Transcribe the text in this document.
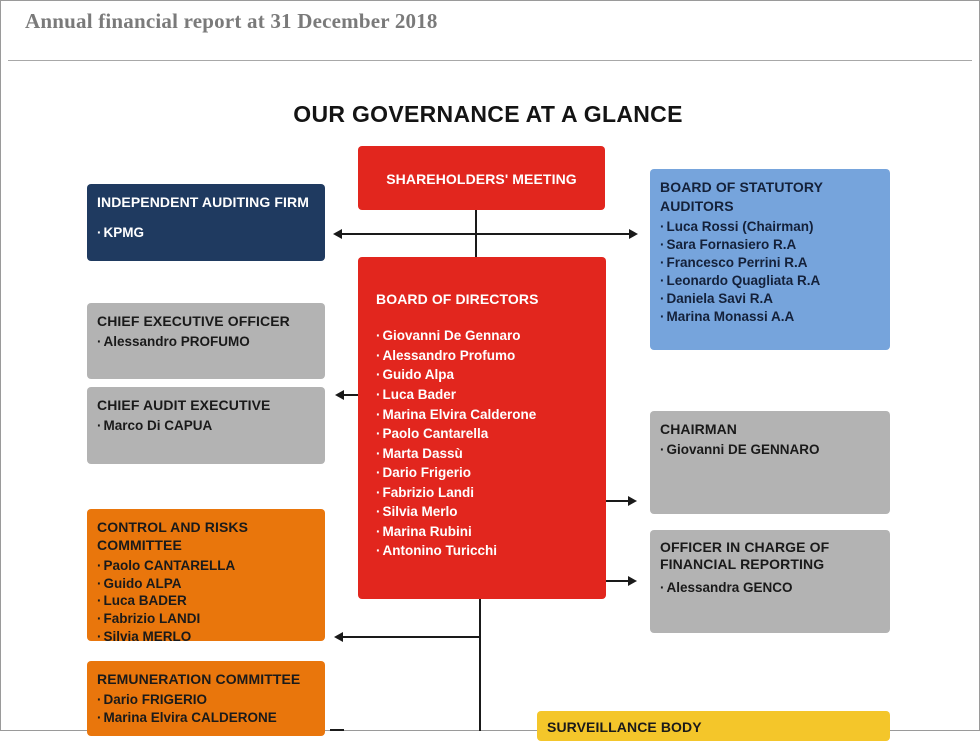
Annual financial report at 31 December 2018
OUR GOVERNANCE AT A GLANCE
SHAREHOLDERS' MEETING
INDEPENDENT AUDITING FIRM
· KPMG
BOARD OF STATUTORY AUDITORS
· Luca Rossi (Chairman)
· Sara Fornasiero R.A
· Francesco Perrini R.A
· Leonardo Quagliata R.A
· Daniela Savi R.A
· Marina Monassi A.A
BOARD OF DIRECTORS
· Giovanni De Gennaro
· Alessandro Profumo
· Guido Alpa
· Luca Bader
· Marina Elvira Calderone
· Paolo Cantarella
· Marta Dassù
· Dario Frigerio
· Fabrizio Landi
· Silvia Merlo
· Marina Rubini
· Antonino Turicchi
CHIEF EXECUTIVE OFFICER
· Alessandro PROFUMO
CHIEF AUDIT EXECUTIVE
· Marco Di CAPUA	CHAIRMAN
· Giovanni DE GENNARO
OFFICER IN CHARGE OF FINANCIAL REPORTING
· Alessandra GENCO
CONTROL AND RISKS COMMITTEE
· Paolo CANTARELLA
· Guido ALPA
· Luca BADER
· Fabrizio LANDI
· Silvia MERLO
REMUNERATION COMMITTEE
· Dario FRIGERIO
· Marina Elvira CALDERONE
SURVEILLANCE BODY
